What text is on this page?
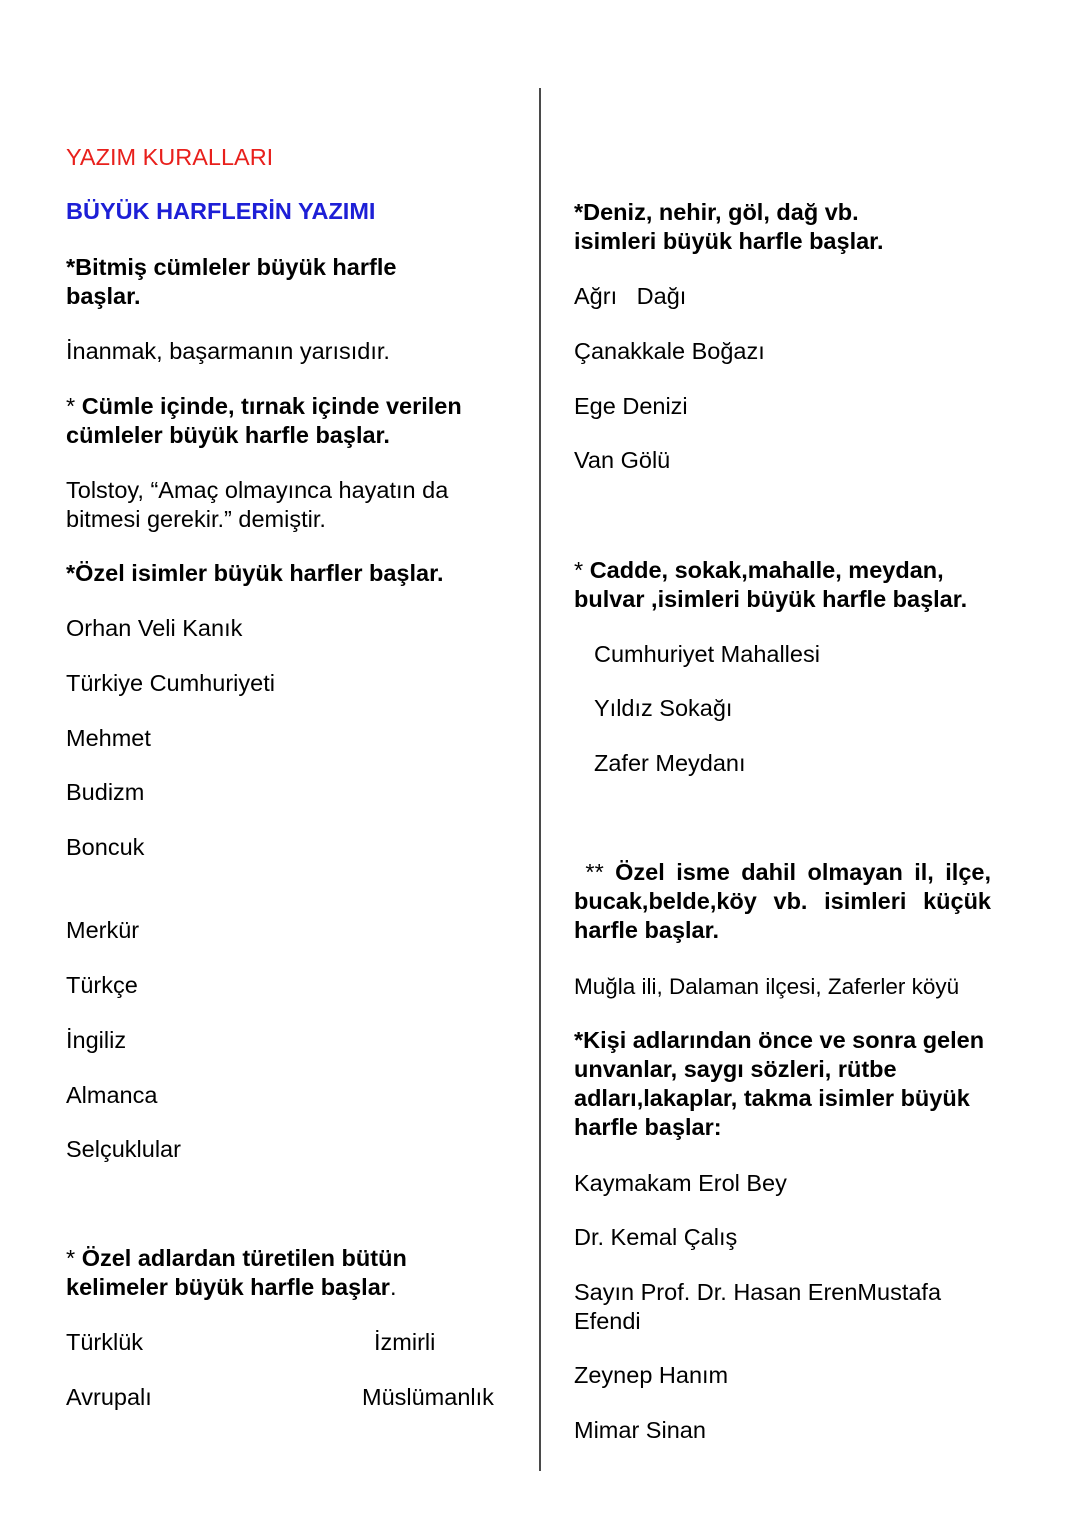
YAZIM KURALLARI

BÜYÜK HARFLERİN YAZIMI

*Bitmiş cümleler büyük harfle başlar.

İnanmak, başarmanın yarısıdır.

* Cümle içinde, tırnak içinde verilen cümleler büyük harfle başlar.

Tolstoy, “Amaç olmayınca hayatın da bitmesi gerekir.” demiştir.

*Özel isimler büyük harfler başlar.

Orhan Veli Kanık

Türkiye Cumhuriyeti

Mehmet

Budizm

Boncuk

Merkür

Türkçe

İngiliz

Almanca

Selçuklular

* Özel adlardan türetilen bütün kelimeler büyük harfle başlar.

Türklük	İzmirli

Avrupalı	Müslümanlık

*Deniz, nehir, göl, dağ vb. isimleri büyük harfle başlar.

Ağrı   Dağı

Çanakkale Boğazı

Ege Denizi

Van Gölü

* Cadde, sokak,mahalle, meydan, bulvar ,isimleri büyük harfle başlar.

Cumhuriyet Mahallesi

Yıldız Sokağı

Zafer Meydanı

** Özel isme dahil olmayan il, ilçe, bucak,belde,köy vb. isimleri küçük harfle başlar.

Muğla ili, Dalaman ilçesi, Zaferler köyü

*Kişi adlarından önce ve sonra gelen unvanlar, saygı sözleri, rütbe adları,lakaplar, takma isimler büyük harfle başlar:

Kaymakam Erol Bey

Dr. Kemal Çalış

Sayın Prof. Dr. Hasan ErenMustafa Efendi

Zeynep Hanım

Mimar Sinan
